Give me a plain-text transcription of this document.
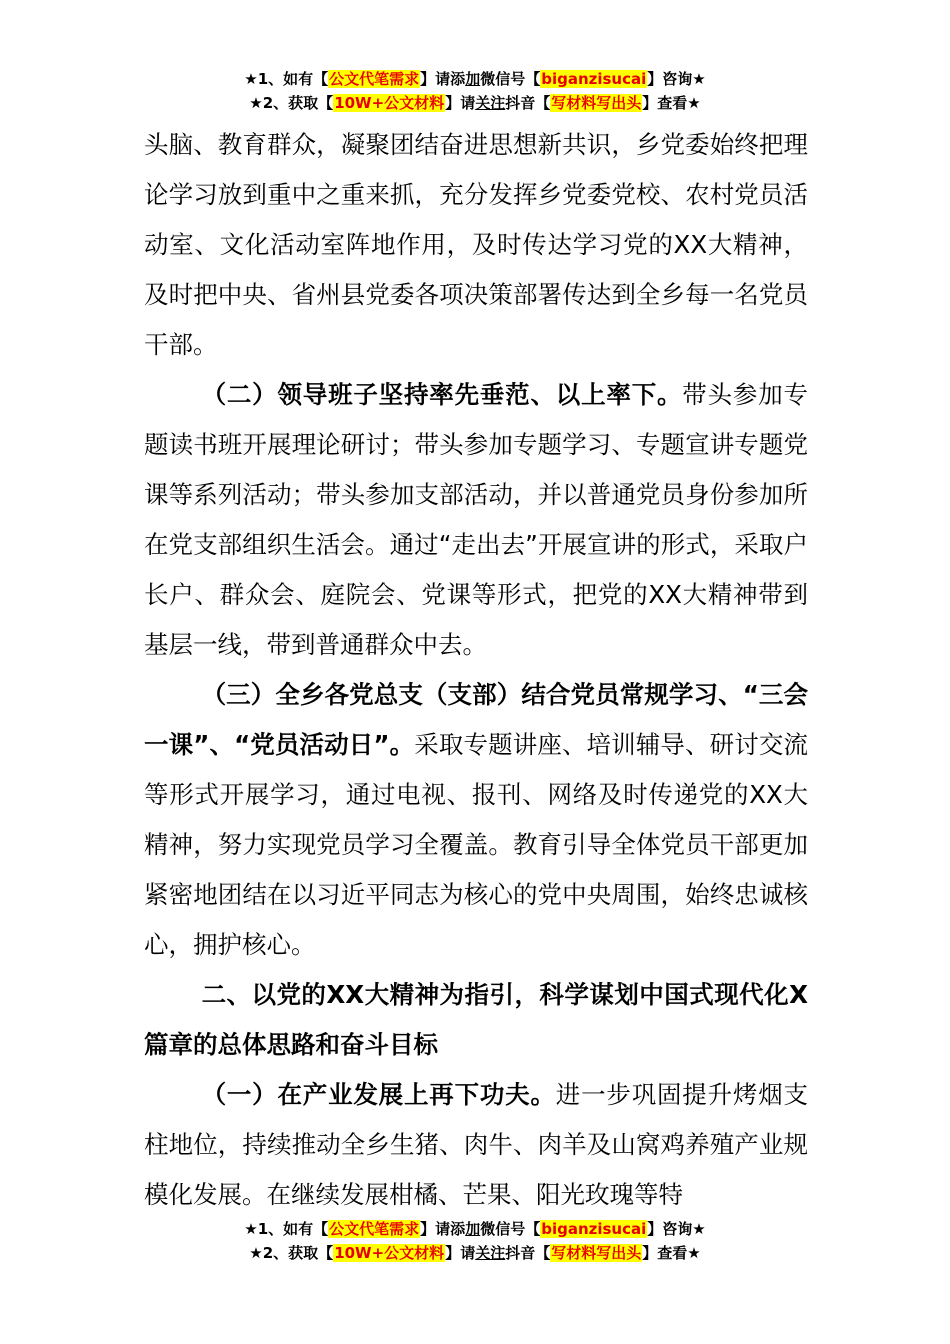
★1、如有【公文代笔需求】请添加微信号【biganzisucai】咨询★
★2、获取【10W+公文材料】请关注抖音【写材料写出头】查看★

头脑、教育群众，凝聚团结奋进思想新共识，乡党委始终把理论学习放到重中之重来抓，充分发挥乡党委党校、农村党员活动室、文化活动室阵地作用，及时传达学习党的XX大精神，及时把中央、省州县党委各项决策部署传达到全乡每一名党员干部。

（二）领导班子坚持率先垂范、以上率下。带头参加专题读书班开展理论研讨；带头参加专题学习、专题宣讲专题党课等系列活动；带头参加支部活动，并以普通党员身份参加所在党支部组织生活会。通过“走出去”开展宣讲的形式，采取户长户、群众会、庭院会、党课等形式，把党的XX大精神带到基层一线，带到普通群众中去。

（三）全乡各党总支（支部）结合党员常规学习、“三会一课”、“党员活动日”。采取专题讲座、培训辅导、研讨交流等形式开展学习，通过电视、报刊、网络及时传递党的XX大精神，努力实现党员学习全覆盖。教育引导全体党员干部更加紧密地团结在以习近平同志为核心的党中央周围，始终忠诚核心，拥护核心。

二、以党的XX大精神为指引，科学谋划中国式现代化X篇章的总体思路和奋斗目标

（一）在产业发展上再下功夫。进一步巩固提升烤烟支柱地位，持续推动全乡生猪、肉牛、肉羊及山窝鸡养殖产业规模化发展。在继续发展柑橘、芒果、阳光玫瑰等特

★1、如有【公文代笔需求】请添加微信号【biganzisucai】咨询★
★2、获取【10W+公文材料】请关注抖音【写材料写出头】查看★
